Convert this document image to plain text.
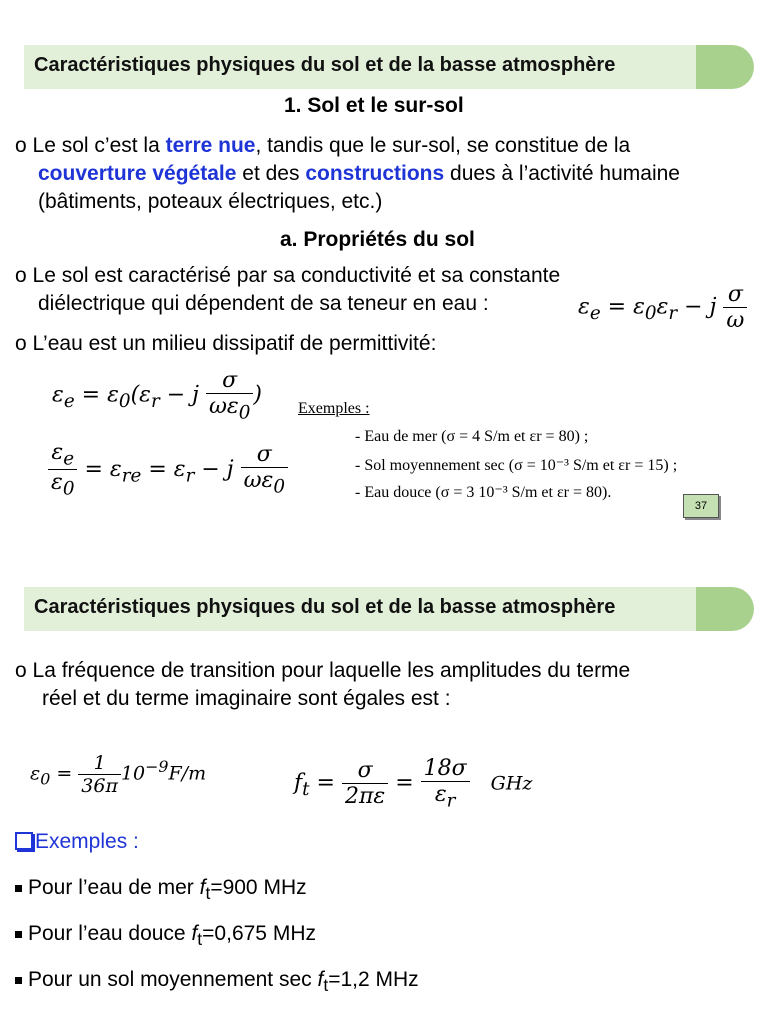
Caractéristiques physiques du sol et de la basse atmosphère
1. Sol et le sur-sol
o Le sol c’est la terre nue, tandis que le sur-sol, se constitue de la
couverture végétale et des constructions dues à l’activité humaine
(bâtiments, poteaux électriques, etc.)
a. Propriétés du sol
o Le sol est caractérisé par sa conductivité et sa constante
diélectrique qui dépendent de sa teneur en eau :	$\varepsilon_e = \varepsilon_0\varepsilon_r - j \frac{\sigma}{\omega}$
o L’eau est un milieu dissipatif de permittivité:
$\varepsilon_e = \varepsilon_0(\varepsilon_r - j \frac{\sigma}{\omega\varepsilon_0}$ )
$\frac{\varepsilon_e}{\varepsilon_0} = \varepsilon_{re} = \varepsilon_r - j \frac{\sigma}{\omega\varepsilon_0}$
Exemples :
- Eau de mer (σ = 4 S/m et εr = 80) ;
- Sol moyennement sec (σ = 10⁻³ S/m et εr = 15) ;
- Eau douce (σ = 3 10⁻³ S/m et εr = 80).
37
Caractéristiques physiques du sol et de la basse atmosphère
o La fréquence de transition pour laquelle les amplitudes du terme
réel et du terme imaginaire sont égales est :
$\varepsilon_0 = \frac{1}{36\pi} 10^{-9}F/m$	$f_t = \frac{\sigma}{2\pi\varepsilon} = \frac{18\sigma}{\varepsilon_r}$ GHz
Exemples :
Pour l’eau de mer $f_t=900$ MHz
Pour l’eau douce $f_t=0,675$ MHz
Pour un sol moyennement $\sec f_t=1,2$ MHz
